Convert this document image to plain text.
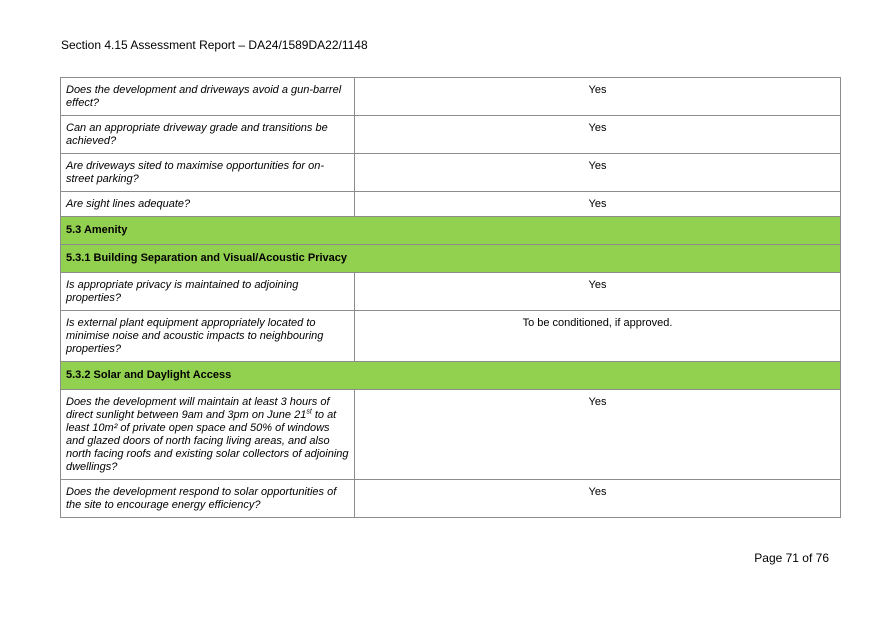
Section 4.15 Assessment Report – DA24/1589DA22/1148
Does the development and driveways avoid a gun-barrel effect?	Yes
Can an appropriate driveway grade and transitions be achieved?	Yes
Are driveways sited to maximise opportunities for on-street parking?	Yes
Are sight lines adequate?	Yes
5.3 Amenity	
5.3.1 Building Separation and Visual/Acoustic Privacy	
Is appropriate privacy is maintained to adjoining properties?	Yes
Is external plant equipment appropriately located to minimise noise and acoustic impacts to neighbouring properties?	To be conditioned, if approved.
5.3.2 Solar and Daylight Access	
Does the development will maintain at least 3 hours of direct sunlight between 9am and 3pm on June 21st to at least 10m² of private open space and 50% of windows and glazed doors of north facing living areas, and also north facing roofs and existing solar collectors of adjoining dwellings?	Yes
Does the development respond to solar opportunities of the site to encourage energy efficiency?	Yes
Page 71 of 76
